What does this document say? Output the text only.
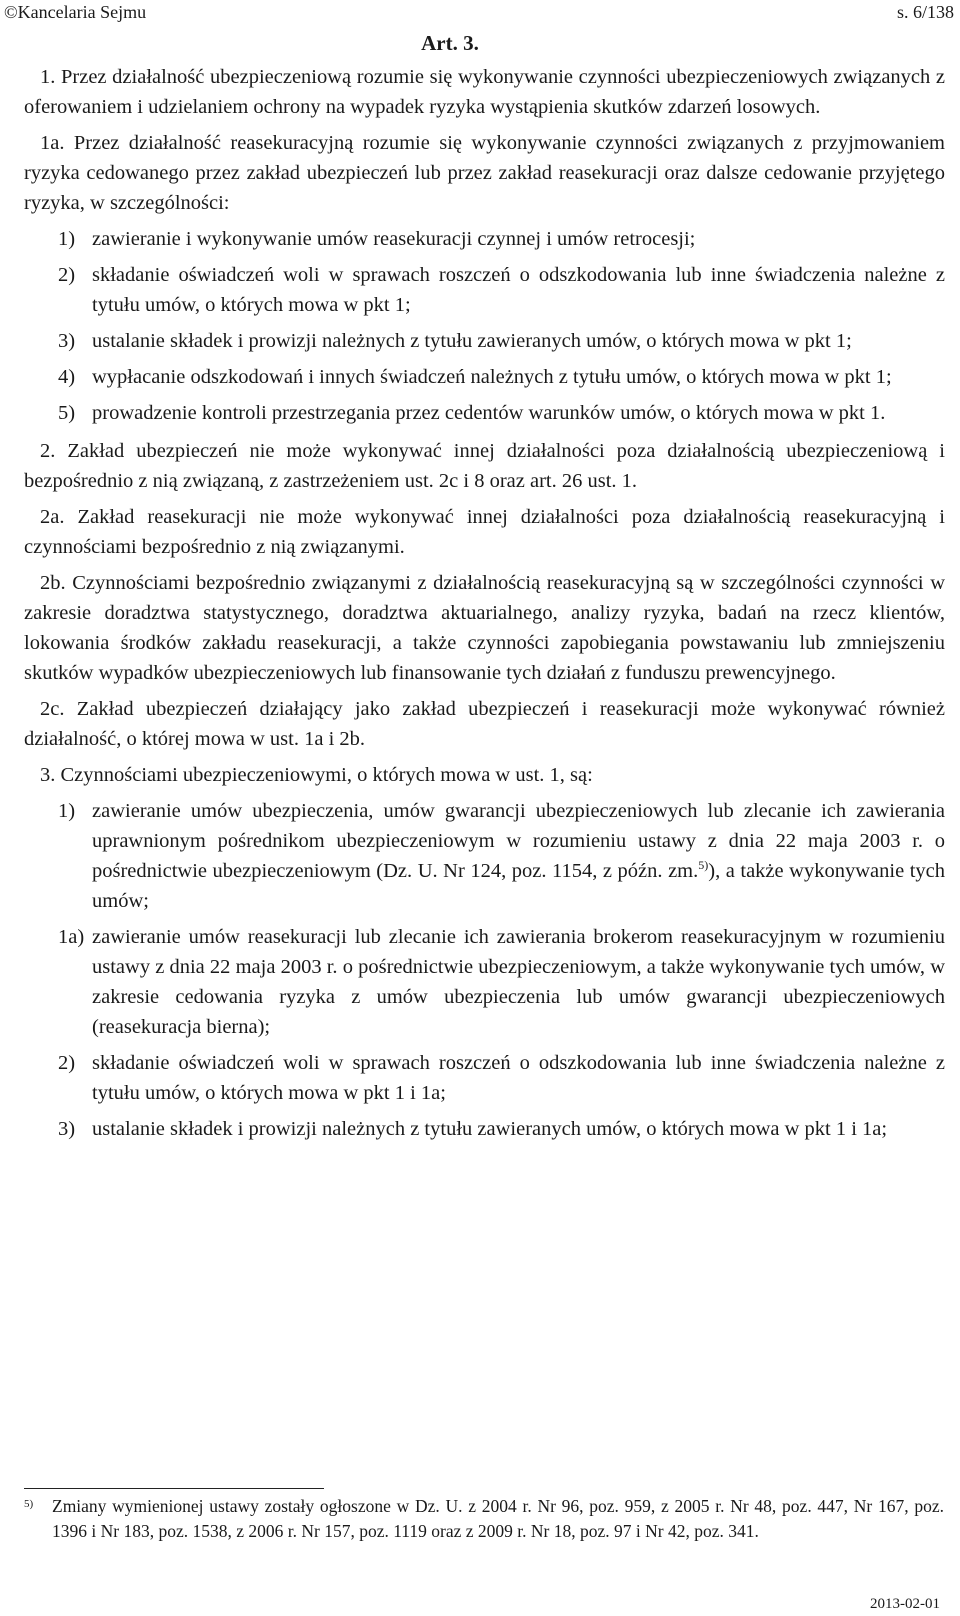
©Kancelaria Sejmu	s. 6/138
Art. 3.

1. Przez działalność ubezpieczeniową rozumie się wykonywanie czynności ubezpieczeniowych związanych z oferowaniem i udzielaniem ochrony na wypadek ryzyka wystąpienia skutków zdarzeń losowych.

1a. Przez działalność reasekuracyjną rozumie się wykonywanie czynności związanych z przyjmowaniem ryzyka cedowanego przez zakład ubezpieczeń lub przez zakład reasekuracji oraz dalsze cedowanie przyjętego ryzyka, w szczególności:

1) zawieranie i wykonywanie umów reasekuracji czynnej i umów retrocesji;
2) składanie oświadczeń woli w sprawach roszczeń o odszkodowania lub inne świadczenia należne z tytułu umów, o których mowa w pkt 1;
3) ustalanie składek i prowizji należnych z tytułu zawieranych umów, o których mowa w pkt 1;
4) wypłacanie odszkodowań i innych świadczeń należnych z tytułu umów, o których mowa w pkt 1;
5) prowadzenie kontroli przestrzegania przez cedentów warunków umów, o których mowa w pkt 1.

2. Zakład ubezpieczeń nie może wykonywać innej działalności poza działalnością ubezpieczeniową i bezpośrednio z nią związaną, z zastrzeżeniem ust. 2c i 8 oraz art. 26 ust. 1.

2a. Zakład reasekuracji nie może wykonywać innej działalności poza działalnością reasekuracyjną i czynnościami bezpośrednio z nią związanymi.

2b. Czynnościami bezpośrednio związanymi z działalnością reasekuracyjną są w szczególności czynności w zakresie doradztwa statystycznego, doradztwa aktuarialnego, analizy ryzyka, badań na rzecz klientów, lokowania środków zakładu reasekuracji, a także czynności zapobiegania powstawaniu lub zmniejszeniu skutków wypadków ubezpieczeniowych lub finansowanie tych działań z funduszu prewencyjnego.

2c. Zakład ubezpieczeń działający jako zakład ubezpieczeń i reasekuracji może wykonywać również działalność, o której mowa w ust. 1a i 2b.

3. Czynnościami ubezpieczeniowymi, o których mowa w ust. 1, są:

1) zawieranie umów ubezpieczenia, umów gwarancji ubezpieczeniowych lub zlecanie ich zawierania uprawnionym pośrednikom ubezpieczeniowym w rozumieniu ustawy z dnia 22 maja 2003 r. o pośrednictwie ubezpieczeniowym (Dz. U. Nr 124, poz. 1154, z późn. zm.$^{5)}$), a także wykonywanie tych umów;
1a) zawieranie umów reasekuracji lub zlecanie ich zawierania brokerom reasekuracyjnym w rozumieniu ustawy z dnia 22 maja 2003 r. o pośrednictwie ubezpieczeniowym, a także wykonywanie tych umów, w zakresie cedowania ryzyka z umów ubezpieczenia lub umów gwarancji ubezpieczeniowych (reasekuracja bierna);
2) składanie oświadczeń woli w sprawach roszczeń o odszkodowania lub inne świadczenia należne z tytułu umów, o których mowa w pkt 1 i 1a;
3) ustalanie składek i prowizji należnych z tytułu zawieranych umów, o których mowa w pkt 1 i 1a;
5)	Zmiany wymienionej ustawy zostały ogłoszone w Dz. U. z 2004 r. Nr 96, poz. 959, z 2005 r. Nr 48, poz. 447, Nr 167, poz. 1396 i Nr 183, poz. 1538, z 2006 r. Nr 157, poz. 1119 oraz z 2009 r. Nr 18, poz. 97 i Nr 42, poz. 341.
2013-02-01
